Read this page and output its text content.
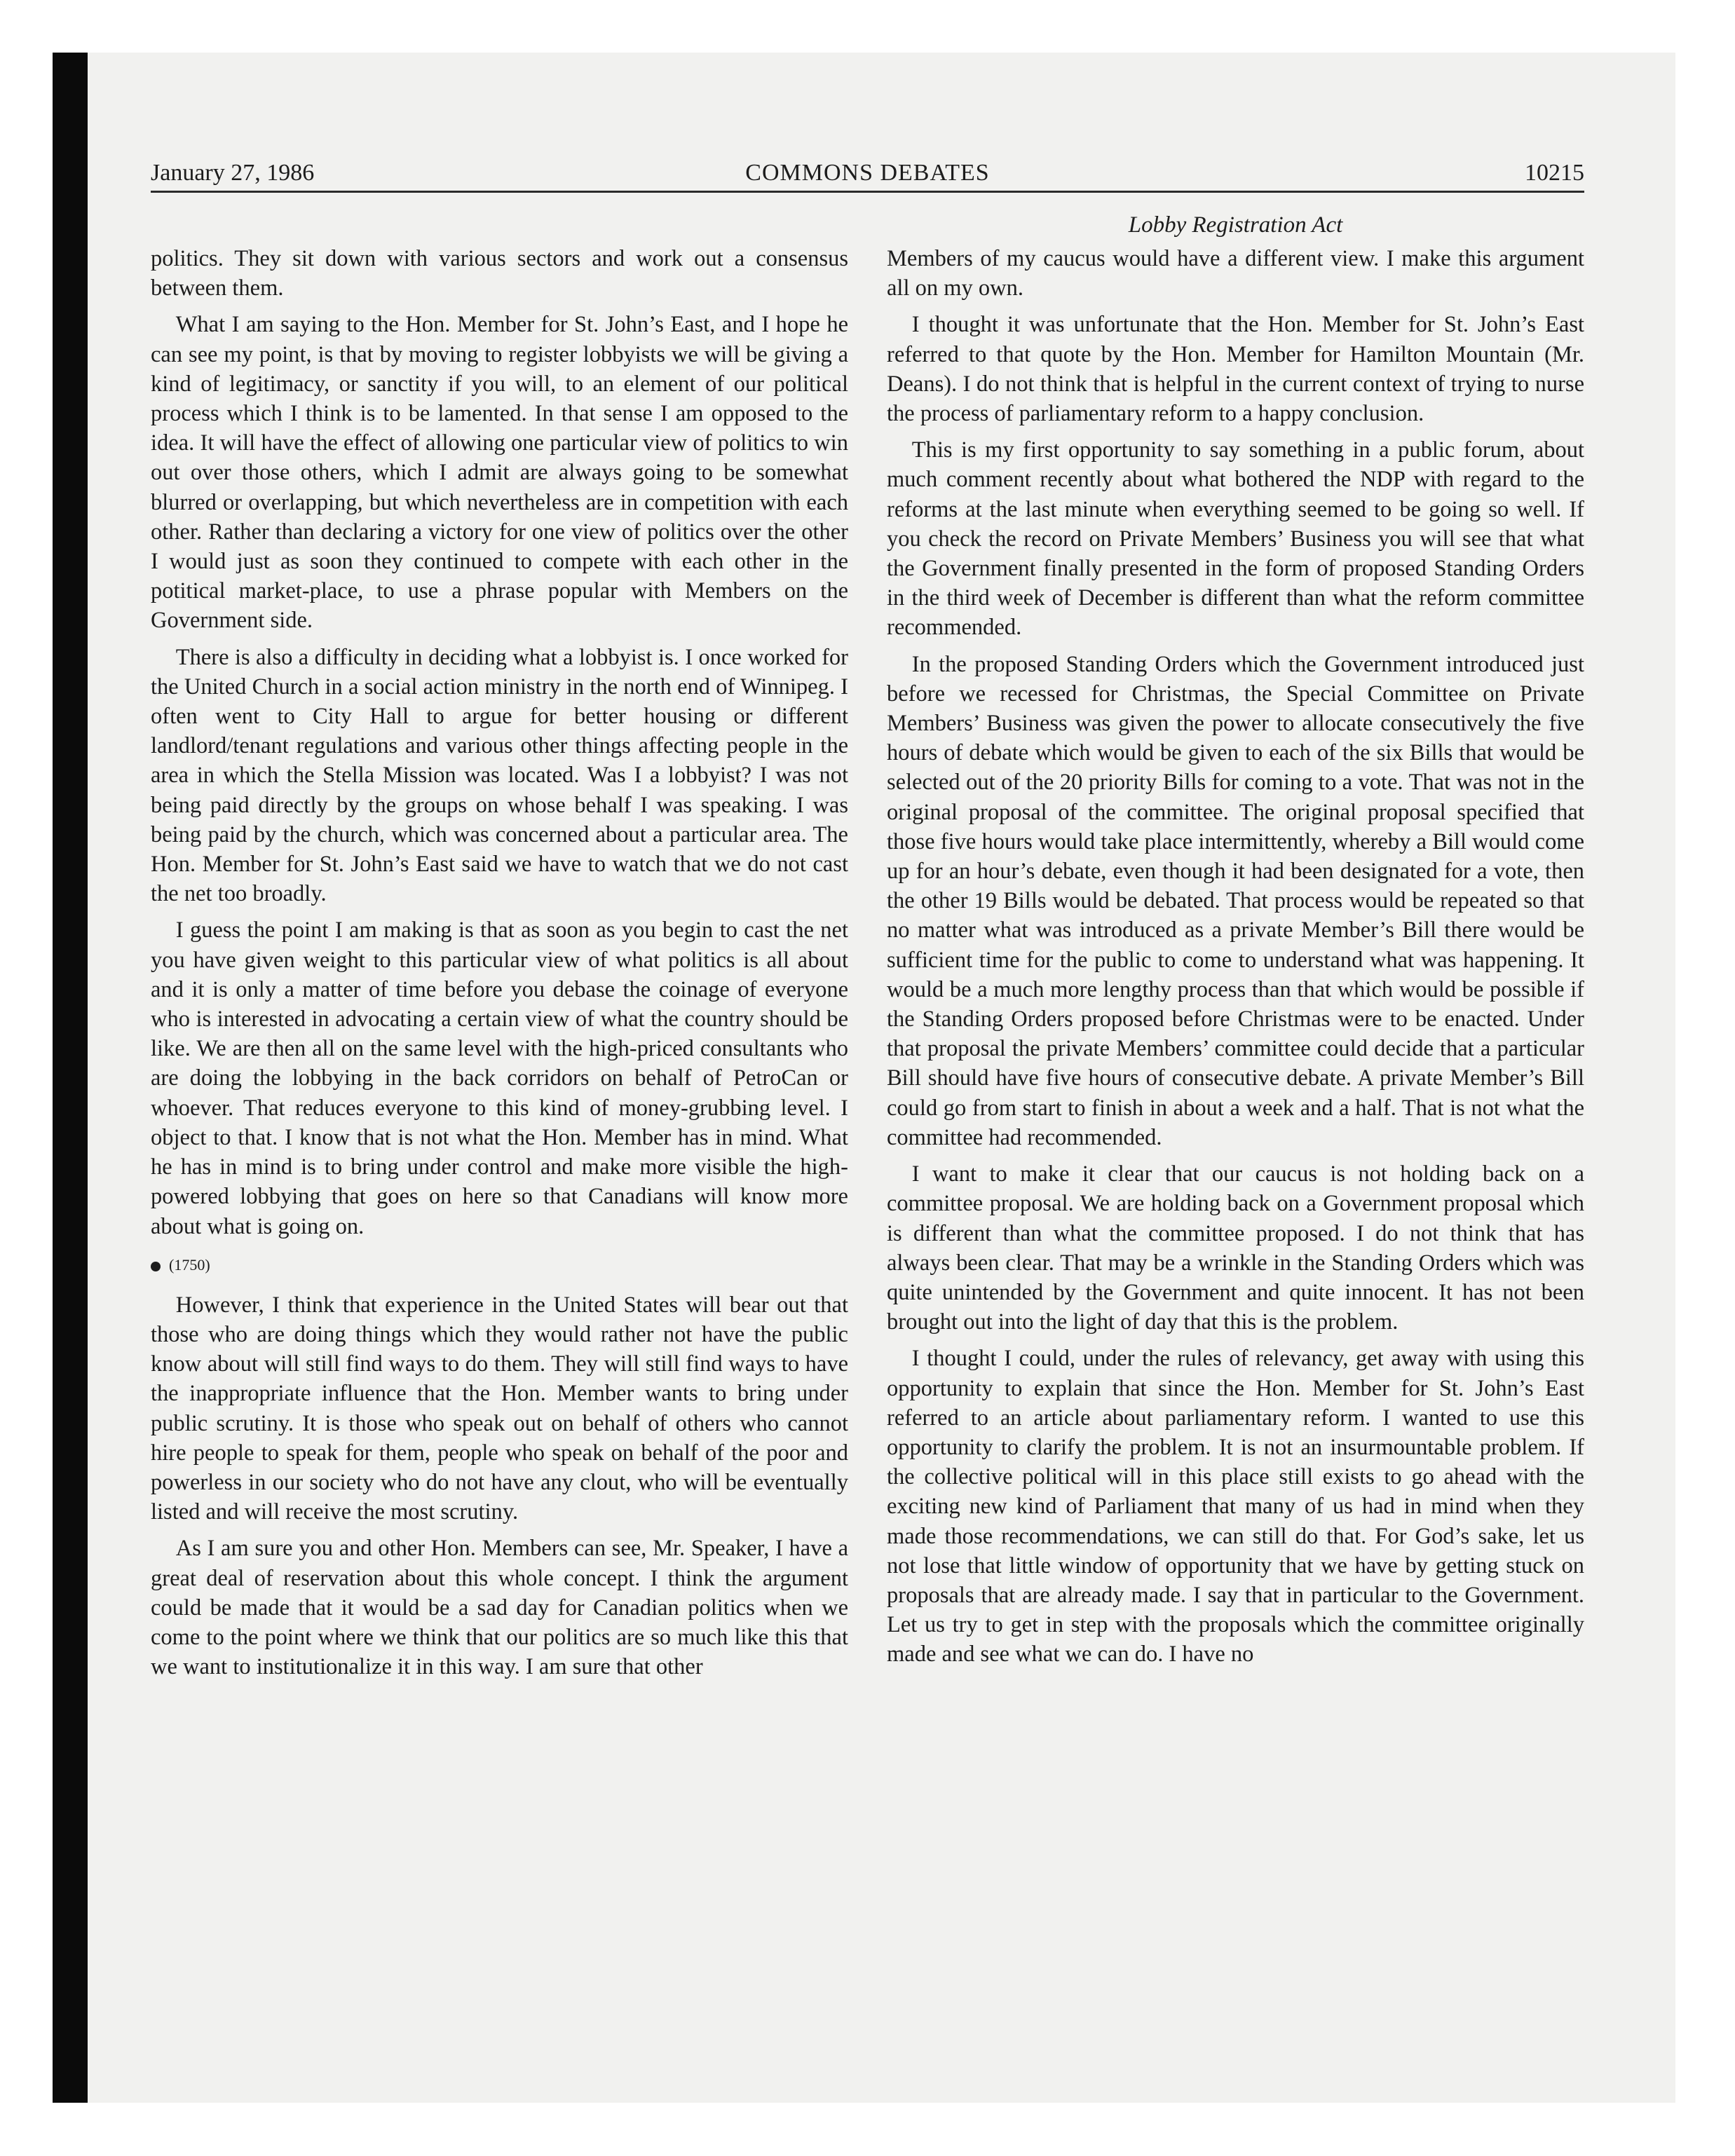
January 27, 1986	COMMONS DEBATES	10215

politics. They sit down with various sectors and work out a consensus between them.

What I am saying to the Hon. Member for St. John’s East, and I hope he can see my point, is that by moving to register lobbyists we will be giving a kind of legitimacy, or sanctity if you will, to an element of our political process which I think is to be lamented. In that sense I am opposed to the idea. It will have the effect of allowing one particular view of politics to win out over those others, which I admit are always going to be somewhat blurred or overlapping, but which nevertheless are in competition with each other. Rather than declaring a victory for one view of politics over the other I would just as soon they continued to compete with each other in the potitical market-place, to use a phrase popular with Members on the Government side.

There is also a difficulty in deciding what a lobbyist is. I once worked for the United Church in a social action ministry in the north end of Winnipeg. I often went to City Hall to argue for better housing or different landlord/tenant regulations and various other things affecting people in the area in which the Stella Mission was located. Was I a lobbyist? I was not being paid directly by the groups on whose behalf I was speaking. I was being paid by the church, which was concerned about a particular area. The Hon. Member for St. John’s East said we have to watch that we do not cast the net too broadly.

I guess the point I am making is that as soon as you begin to cast the net you have given weight to this particular view of what politics is all about and it is only a matter of time before you debase the coinage of everyone who is interested in advocating a certain view of what the country should be like. We are then all on the same level with the high-priced consultants who are doing the lobbying in the back corridors on behalf of PetroCan or whoever. That reduces everyone to this kind of money-grubbing level. I object to that. I know that is not what the Hon. Member has in mind. What he has in mind is to bring under control and make more visible the high-powered lobbying that goes on here so that Canadians will know more about what is going on.

(1750)

However, I think that experience in the United States will bear out that those who are doing things which they would rather not have the public know about will still find ways to do them. They will still find ways to have the inappropriate influence that the Hon. Member wants to bring under public scrutiny. It is those who speak out on behalf of others who cannot hire people to speak for them, people who speak on behalf of the poor and powerless in our society who do not have any clout, who will be eventually listed and will receive the most scrutiny.

As I am sure you and other Hon. Members can see, Mr. Speaker, I have a great deal of reservation about this whole concept. I think the argument could be made that it would be a sad day for Canadian politics when we come to the point where we think that our politics are so much like this that we want to institutionalize it in this way. I am sure that other

Lobby Registration Act

Members of my caucus would have a different view. I make this argument all on my own.

I thought it was unfortunate that the Hon. Member for St. John’s East referred to that quote by the Hon. Member for Hamilton Mountain (Mr. Deans). I do not think that is helpful in the current context of trying to nurse the process of parliamentary reform to a happy conclusion.

This is my first opportunity to say something in a public forum, about much comment recently about what bothered the NDP with regard to the reforms at the last minute when everything seemed to be going so well. If you check the record on Private Members’ Business you will see that what the Government finally presented in the form of proposed Standing Orders in the third week of December is different than what the reform committee recommended.

In the proposed Standing Orders which the Government introduced just before we recessed for Christmas, the Special Committee on Private Members’ Business was given the power to allocate consecutively the five hours of debate which would be given to each of the six Bills that would be selected out of the 20 priority Bills for coming to a vote. That was not in the original proposal of the committee. The original proposal specified that those five hours would take place intermittently, whereby a Bill would come up for an hour’s debate, even though it had been designated for a vote, then the other 19 Bills would be debated. That process would be repeated so that no matter what was introduced as a private Member’s Bill there would be sufficient time for the public to come to understand what was happening. It would be a much more lengthy process than that which would be possible if the Standing Orders proposed before Christmas were to be enacted. Under that proposal the private Members’ committee could decide that a particular Bill should have five hours of consecutive debate. A private Member’s Bill could go from start to finish in about a week and a half. That is not what the committee had recommended.

I want to make it clear that our caucus is not holding back on a committee proposal. We are holding back on a Government proposal which is different than what the committee proposed. I do not think that has always been clear. That may be a wrinkle in the Standing Orders which was quite unintended by the Government and quite innocent. It has not been brought out into the light of day that this is the problem.

I thought I could, under the rules of relevancy, get away with using this opportunity to explain that since the Hon. Member for St. John’s East referred to an article about parliamentary reform. I wanted to use this opportunity to clarify the problem. It is not an insurmountable problem. If the collective political will in this place still exists to go ahead with the exciting new kind of Parliament that many of us had in mind when they made those recommendations, we can still do that. For God’s sake, let us not lose that little window of opportunity that we have by getting stuck on proposals that are already made. I say that in particular to the Government. Let us try to get in step with the proposals which the committee originally made and see what we can do. I have no
